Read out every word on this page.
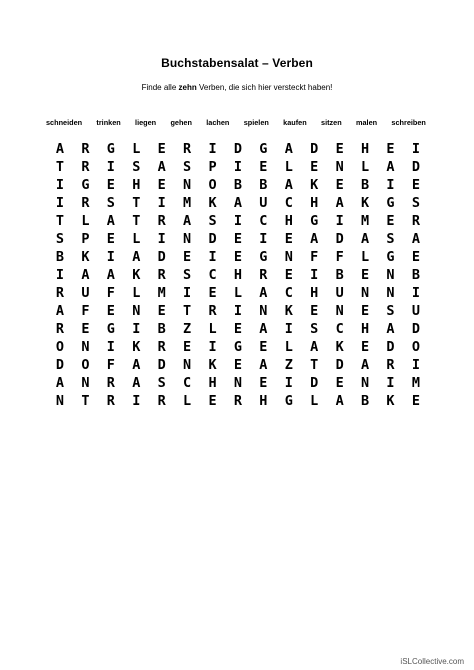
Buchstabensalat – Verben
Finde alle zehn Verben, die sich hier versteckt haben!
schneiden trinken liegen gehen lachen spielen kaufen sitzen malen schreiben
A R G L E R I D G A D E H E I
T R I S A S P I E L E N L A D
I G E H E N O B B A K E B I E
I R S T I M K A U C H A K G S
T L A T R A S I C H G I M E R
S P E L I N D E I E A D A S A
B K I A D E I E G N F F L G E
I A A K R S C H R E I B E N B
R U F L M I E L A C H U N N I
A F E N E T R I N K E N E S U
R E G I B Z L E A I S C H A D
O N I K R E I G E L A K E D O
D O F A D N K E A Z T D A R I
A N R A S C H N E I D E N I M
N T R I R L E R H G L A B K E
iSLCollective.com
